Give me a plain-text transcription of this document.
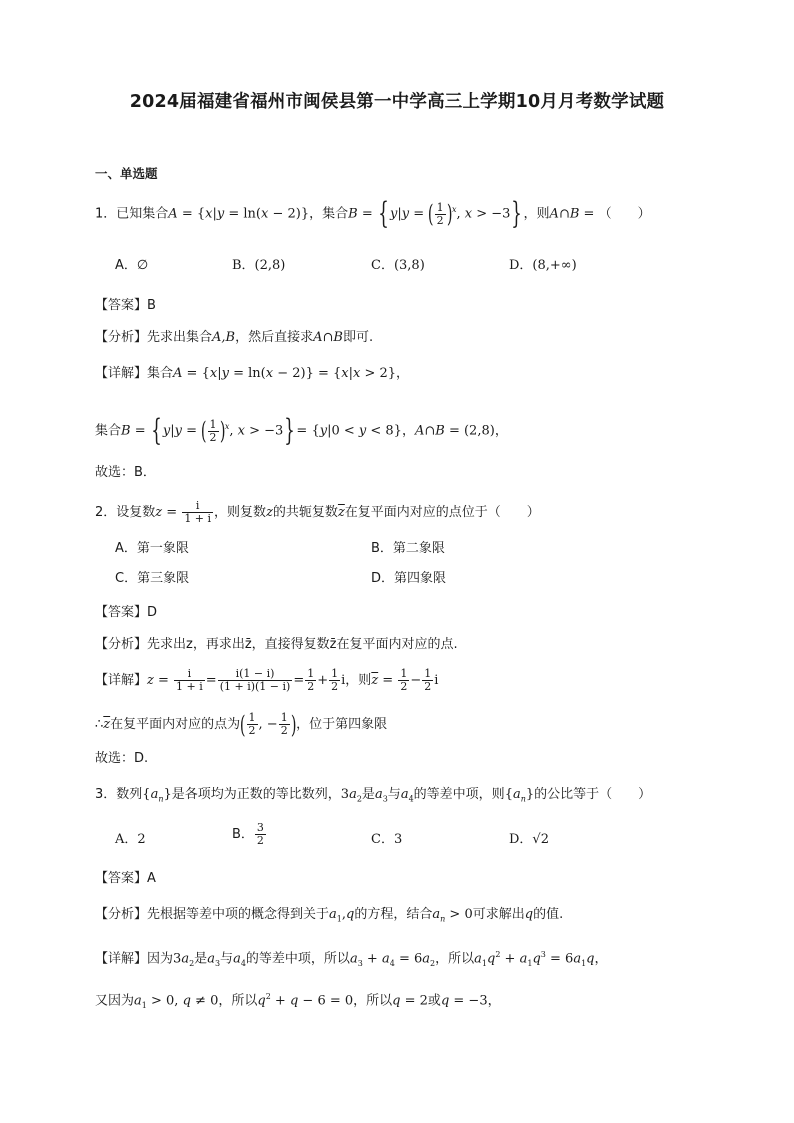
2024届福建省福州市闽侯县第一中学高三上学期10月月考数学试题
一、单选题
1．已知集合A = {x|y = ln(x − 2)}，集合B = {y|y = ( $\frac{1}{2} )^x$, x > −3}，则A∩B = （　　）
A．∅	B．(2,8)	C．(3,8)	D．(8,+∞)
【答案】B
【分析】先求出集合A,B，然后直接求A∩B即可.
【详解】集合A = {x|y = ln(x − 2)} = {x|x > 2}，
集合B = {y|y = ( $\frac{1}{2} )^x$, x > −3}= {y|0 < y < 8}，A∩B = (2,8)，
故选：B．
2．设复数$z = \frac{i}{1 + i}$ ，则复数z的共轭复数$\overline{z}$在复平面内对应的点位于（　　）
A．第一象限	B．第二象限
C．第三象限	D．第四象限
【答案】D
【分析】先求出z，再求出z̄，直接得复数z̄在复平面内对应的点.
【详解】$z = \frac{i}{1 + i} = \frac{i(1 - i)}{(1 + i)(1 - i)} = \frac{1}{2} + \frac{1}{2}$ i，则$\overline{z} = \frac{1}{2} - \frac{1}{2}$ i
$\therefore\overline{z}$在复平面内对应的点为( $\frac{1}{2}$ , − $\frac{1}{2}$ )，位于第四象限
故选：D.
3．数列$\{a_n\}$是各项均为正数的等比数列，$3a_2$是$a_3$与$a_4$的等差中项，则$\{a_n\}$的公比等于（　　）
A．2	B． $\frac{3}{2}$	C．3	D．√2
【答案】A
【分析】先根据等差中项的概念得到关于$a_1,q$的方程，结合$a_n > 0$可求解出q的值.
【详解】因为$3a_2$是$a_3$与$a_4$的等差中项，所以$a_3 + a_4 = 6a_2$，所以$a_1q^2 + a_1q^3 = 6a_1q$，
又因为$a_1 > 0$, q ≠ 0，所以$q^2 + q - 6 = 0$，所以q = 2或q = −3，
